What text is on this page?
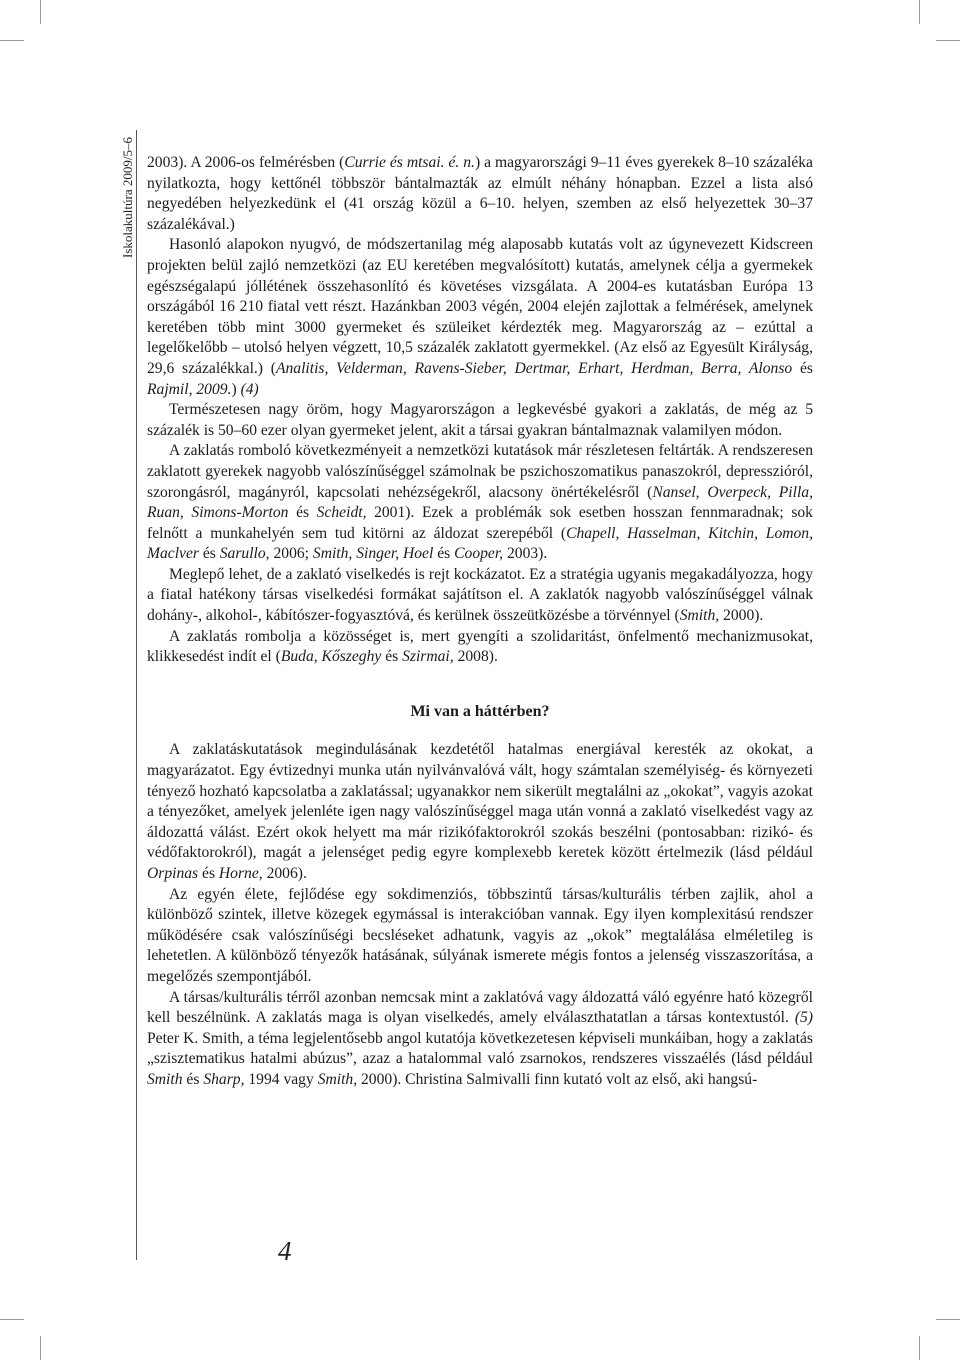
Iskolakultúra 2009/5–6 2003). A 2006-os felmérésben (Currie és mtsai. é. n.) a magyarországi 9–11 éves gyerekek 8–10 százaléka nyilatkozta, hogy kettőnél többször bántalmazták az elmúlt néhány hónapban. Ezzel a lista alsó negyedében helyezkedünk el (41 ország közül a 6–10. helyen, szemben az első helyezettek 30–37 százalékával.)

Hasonló alapokon nyugvó, de módszertanilag még alaposabb kutatás volt az úgynevezett Kidscreen projekten belül zajló nemzetközi (az EU keretében megvalósított) kutatás, amelynek célja a gyermekek egészségalapú jóllétének összehasonlító és követéses vizsgálata. A 2004-es kutatásban Európa 13 országából 16 210 fiatal vett részt. Hazánkban 2003 végén, 2004 elején zajlottak a felmérések, amelynek keretében több mint 3000 gyermeket és szüleiket kérdezték meg. Magyarország az – ezúttal a legelőkelőbb – utolsó helyen végzett, 10,5 százalék zaklatott gyermekkel. (Az első az Egyesült Királyság, 29,6 százalékkal.) (Analitis, Velderman, Ravens-Sieber, Dertmar, Erhart, Herdman, Berra, Alonso és Rajmil, 2009.) (4)

Természetesen nagy öröm, hogy Magyarországon a legkevésbé gyakori a zaklatás, de még az 5 százalék is 50–60 ezer olyan gyermeket jelent, akit a társai gyakran bántalmaznak valamilyen módon.

A zaklatás romboló következményeit a nemzetközi kutatások már részletesen feltárták. A rendszeresen zaklatott gyerekek nagyobb valószínűséggel számolnak be pszichoszomatikus panaszokról, depresszióról, szorongásról, magányról, kapcsolati nehézségekről, alacsony önértékelésről (Nansel, Overpeck, Pilla, Ruan, Simons-Morton és Scheidt, 2001). Ezek a problémák sok esetben hosszan fennmaradnak; sok felnőtt a munkahelyén sem tud kitörni az áldozat szerepéből (Chapell, Hasselman, Kitchin, Lomon, Maclver és Sarullo, 2006; Smith, Singer, Hoel és Cooper, 2003).

Meglepő lehet, de a zaklató viselkedés is rejt kockázatot. Ez a stratégia ugyanis megakadályozza, hogy a fiatal hatékony társas viselkedési formákat sajátítson el. A zaklatók nagyobb valószínűséggel válnak dohány-, alkohol-, kábítószer-fogyasztóvá, és kerülnek összeütközésbe a törvénnyel (Smith, 2000).

A zaklatás rombolja a közösséget is, mert gyengíti a szolidaritást, önfelmentő mechanizmusokat, klikkesedést indít el (Buda, Kőszeghy és Szirmai, 2008).

Mi van a háttérben?

A zaklatáskutatások megindulásának kezdetétől hatalmas energiával keresték az okokat, a magyarázatot. Egy évtizednyi munka után nyilvánvalóvá vált, hogy számtalan személyiség- és környezeti tényező hozható kapcsolatba a zaklatással; ugyanakkor nem sikerült megtalálni az „okokat”, vagyis azokat a tényezőket, amelyek jelenléte igen nagy valószínűséggel maga után vonná a zaklató viselkedést vagy az áldozattá válást. Ezért okok helyett ma már rizikófaktorokról szokás beszélni (pontosabban: rizikó- és védőfaktorokról), magát a jelenséget pedig egyre komplexebb keretek között értelmezik (lásd például Orpinas és Horne, 2006).

Az egyén élete, fejlődése egy sokdimenziós, többszintű társas/kulturális térben zajlik, ahol a különböző szintek, illetve közegek egymással is interakcióban vannak. Egy ilyen komplexitású rendszer működésére csak valószínűségi becsléseket adhatunk, vagyis az „okok” megtalálása elméletileg is lehetetlen. A különböző tényezők hatásának, súlyának ismerete mégis fontos a jelenség visszaszorítása, a megelőzés szempontjából.

A társas/kulturális térről azonban nemcsak mint a zaklatóvá vagy áldozattá váló egyénre ható közegről kell beszélnünk. A zaklatás maga is olyan viselkedés, amely elválaszthatatlan a társas kontextustól. (5) Peter K. Smith, a téma legjelentősebb angol kutatója következetesen képviseli munkáiban, hogy a zaklatás „szisztematikus hatalmi abúzus”, azaz a hatalommal való zsarnokos, rendszeres visszaélés (lásd például Smith és Sharp, 1994 vagy Smith, 2000). Christina Salmivalli finn kutató volt az első, aki hangsú-

4
